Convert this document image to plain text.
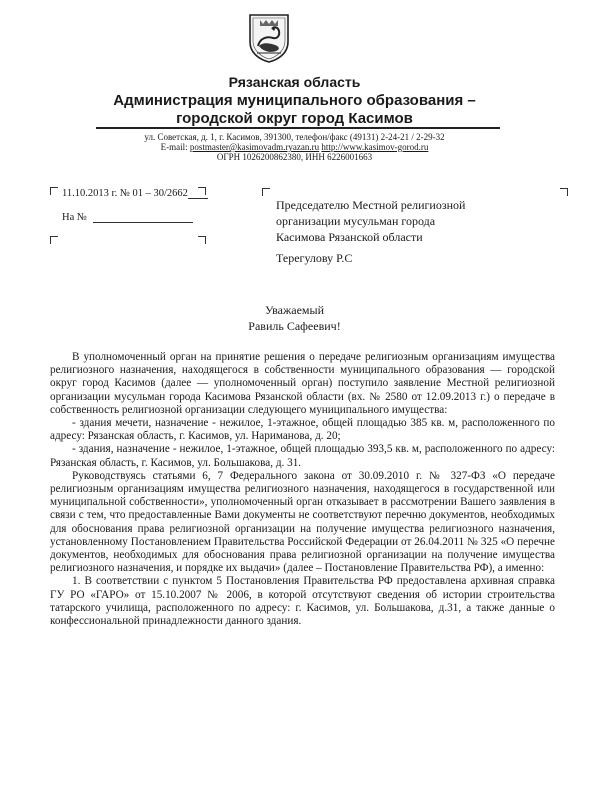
Рязанская область
Администрация муниципального образования –
городской округ город Касимов
ул. Советская, д. 1, г. Касимов, 391300, телефон/факс (49131) 2-24-21 / 2-29-32
E-mail: postmaster@kasimovadm.ryazan.ru http://www.kasimov-gorod.ru
ОГРН 1026200862380, ИНН 6226001663
11.10.2013 г. № 01 – 30/2662
На №
Председателю Местной религиозной
организации мусульман города
Касимова Рязанской области
Терегулову Р.С
Уважаемый
Равиль Сафеевич!

В уполномоченный орган на принятие решения о передаче религиозным организациям имущества религиозного назначения, находящегося в собственности муниципального образования — городской округ город Касимов (далее — уполномоченный орган) поступило заявление Местной религиозной организации мусульман города Касимова Рязанской области (вх. № 2580 от 12.09.2013 г.) о передаче в собственность религиозной организации следующего муниципального имущества:

- здания мечети, назначение - нежилое, 1-этажное, общей площадью 385 кв. м, расположенного по адресу: Рязанская область, г. Касимов, ул. Нариманова, д. 20;

- здания, назначение - нежилое, 1-этажное, общей площадью 393,5 кв. м, расположенного по адресу: Рязанская область, г. Касимов, ул. Большакова, д. 31.

Руководствуясь статьями 6, 7 Федерального закона от 30.09.2010 г. № 327-ФЗ «О передаче религиозным организациям имущества религиозного назначения, находящегося в государственной или муниципальной собственности», уполномоченный орган отказывает в рассмотрении Вашего заявления в связи с тем, что предоставленные Вами документы не соответствуют перечню документов, необходимых для обоснования права религиозной организации на получение имущества религиозного назначения, установленному Постановлением Правительства Российской Федерации от 26.04.2011 № 325 «О перечне документов, необходимых для обоснования права религиозной организации на получение имущества религиозного назначения, и порядке их выдачи» (далее – Постановление Правительства РФ), а именно:

1. В соответствии с пунктом 5 Постановления Правительства РФ предоставлена архивная справка ГУ РО «ГАРО» от 15.10.2007 № 2006, в которой отсутствуют сведения об истории строительства татарского училища, расположенного по адресу: г. Касимов, ул. Большакова, д.31, а также данные о конфессиональной принадлежности данного здания.
